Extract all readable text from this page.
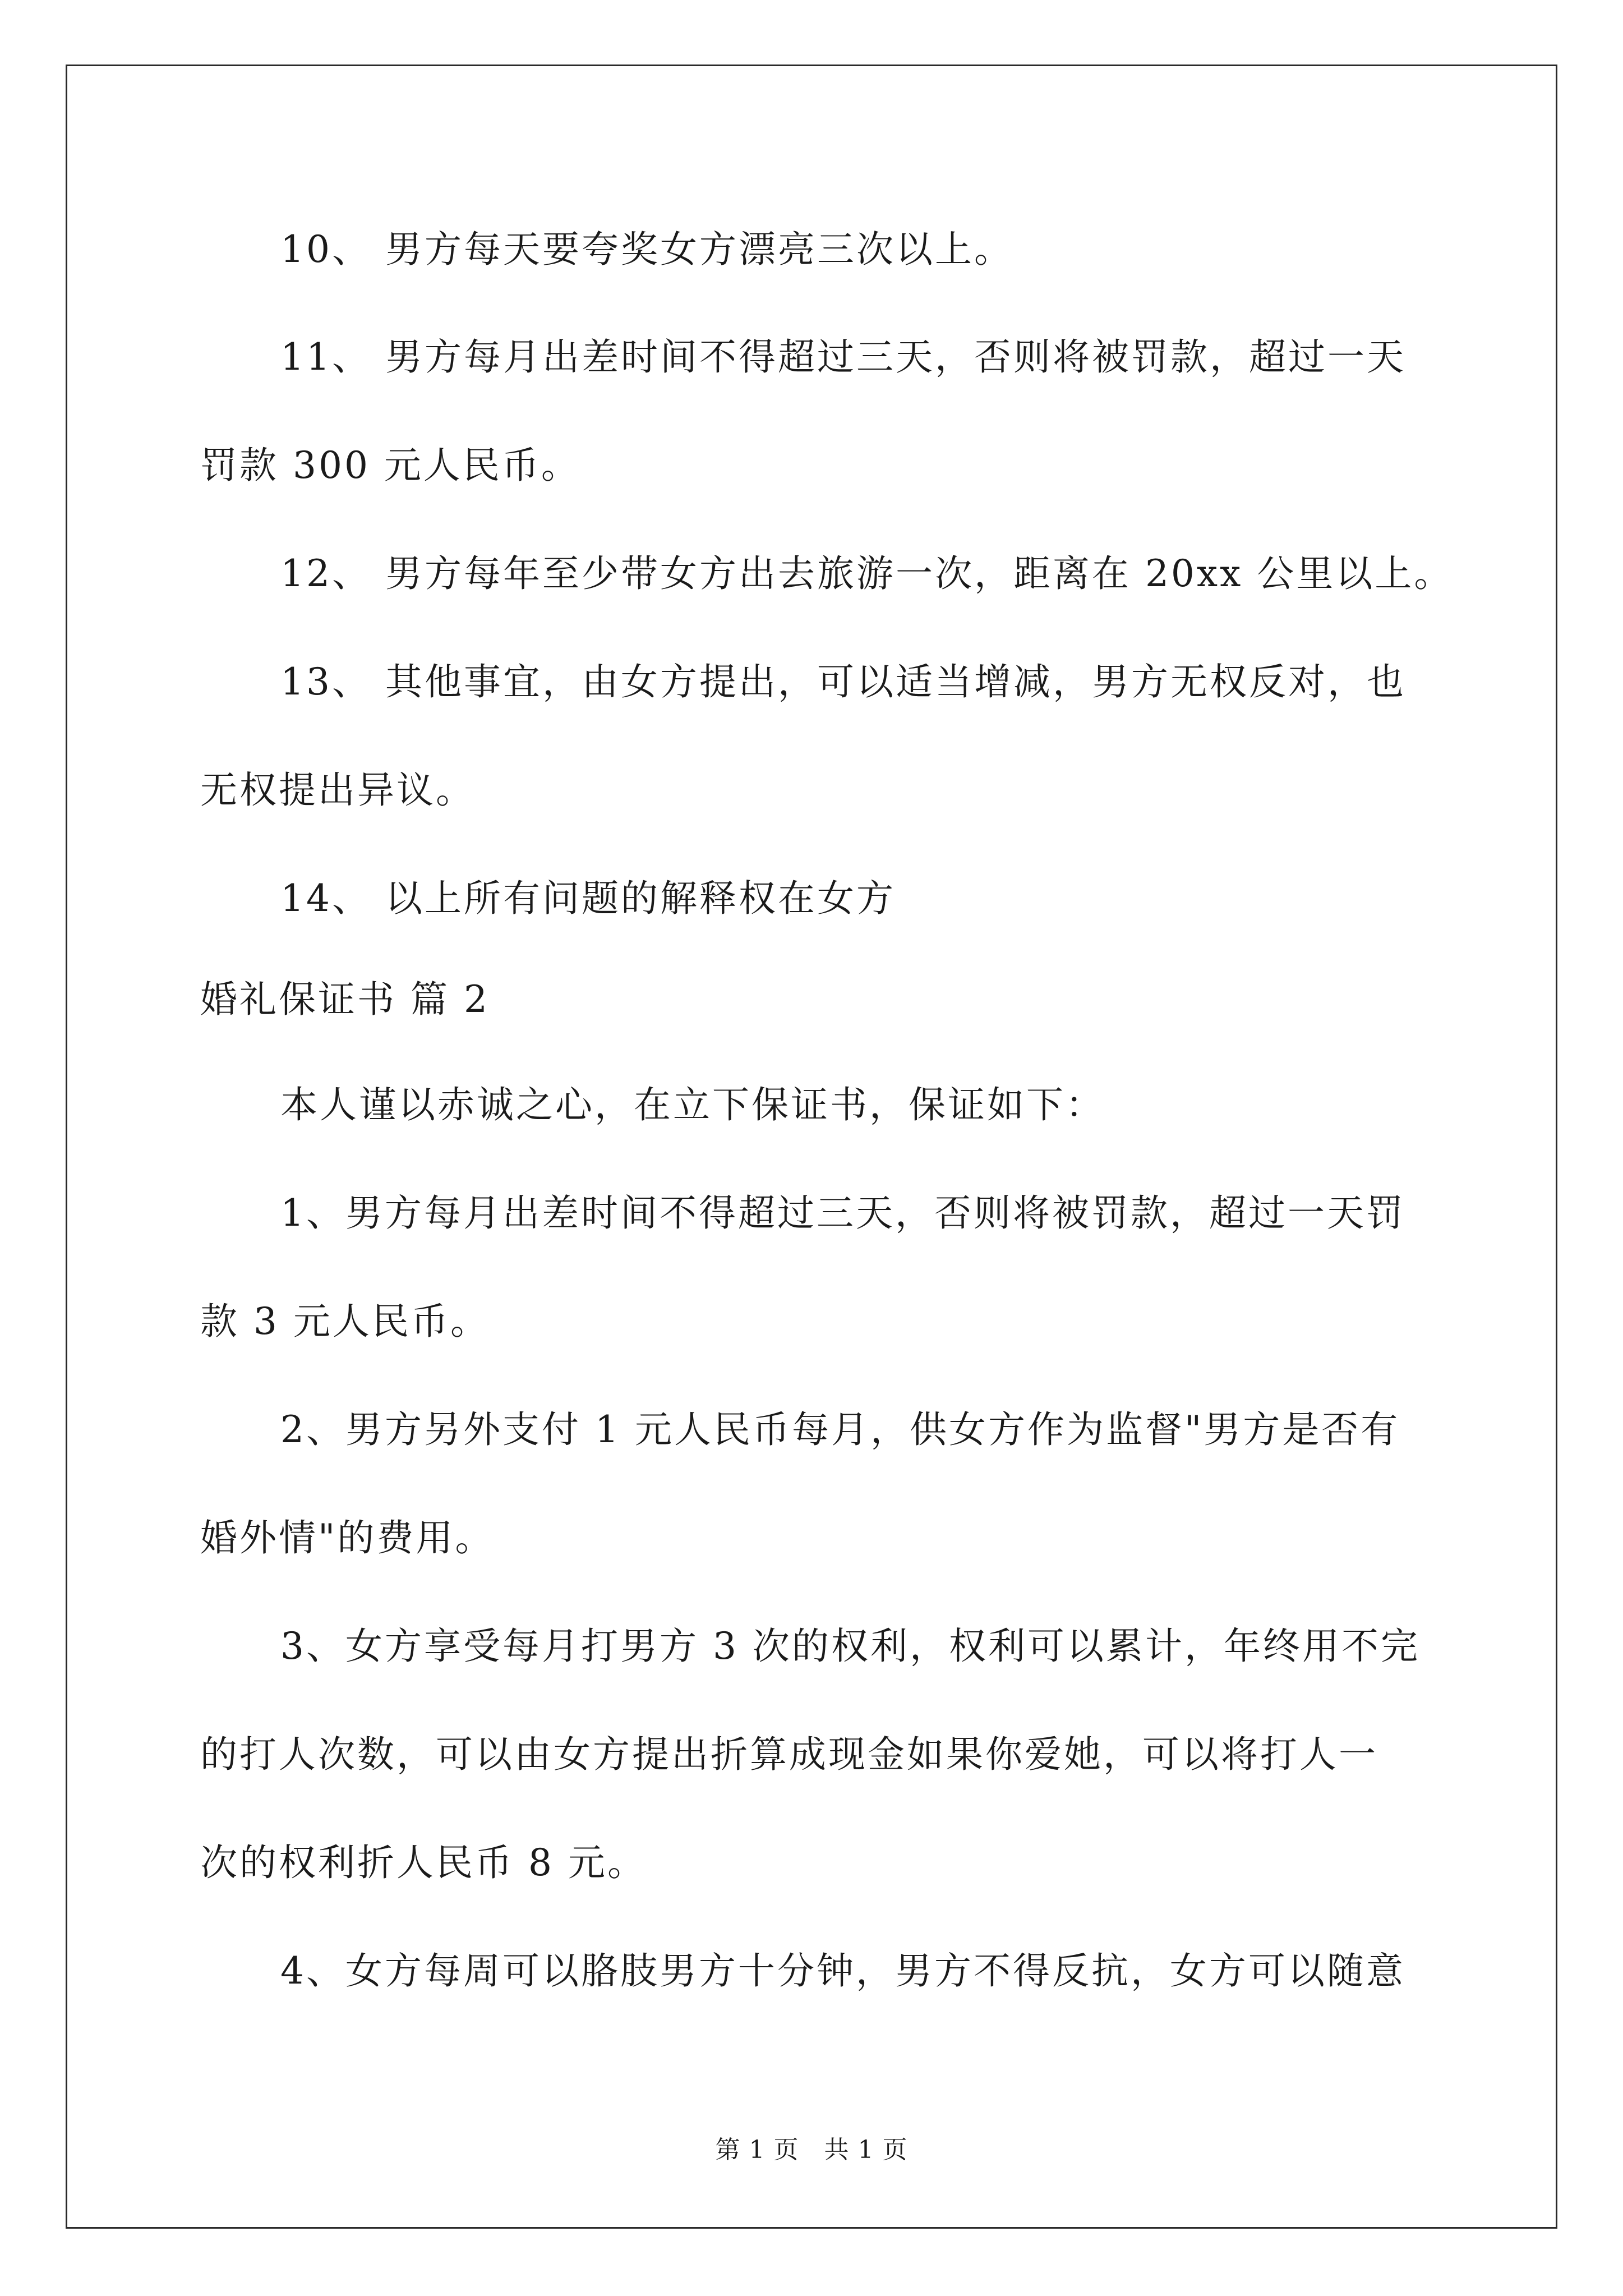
10、 男方每天要夸奖女方漂亮三次以上。
11、 男方每月出差时间不得超过三天，否则将被罚款，超过一天
罚款 300 元人民币。
12、 男方每年至少带女方出去旅游一次，距离在 20xx 公里以上。
13、 其他事宜，由女方提出，可以适当增减，男方无权反对，也
无权提出异议。
14、 以上所有问题的解释权在女方
婚礼保证书 篇 2
本人谨以赤诚之心，在立下保证书，保证如下：
1、男方每月出差时间不得超过三天，否则将被罚款，超过一天罚
款 3 元人民币。
2、男方另外支付 1 元人民币每月，供女方作为监督"男方是否有
婚外情"的费用。
3、女方享受每月打男方 3 次的权利，权利可以累计，年终用不完
的打人次数，可以由女方提出折算成现金如果你爱她，可以将打人一
次的权利折人民币 8 元。
4、女方每周可以胳肢男方十分钟，男方不得反抗，女方可以随意
第 1 页　共 1 页
